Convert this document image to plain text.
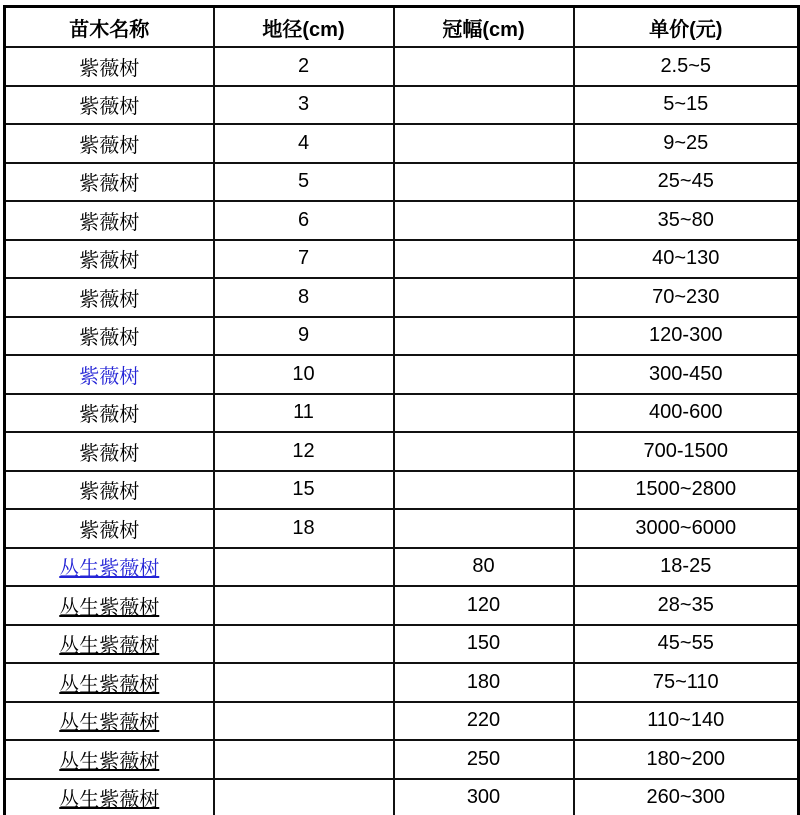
苗木名称	地径(cm)	冠幅(cm)	单价(元)
紫薇树	2		2.5~5
紫薇树	3		5~15
紫薇树	4		9~25
紫薇树	5		25~45
紫薇树	6		35~80
紫薇树	7		40~130
紫薇树	8		70~230
紫薇树	9		120-300
紫薇树	10		300-450
紫薇树	11		400-600
紫薇树	12		700-1500
紫薇树	15		1500~2800
紫薇树	18		3000~6000
丛生紫薇树		80	18-25
丛生紫薇树		120	28~35
丛生紫薇树		150	45~55
丛生紫薇树		180	75~110
丛生紫薇树		220	110~140
丛生紫薇树		250	180~200
丛生紫薇树		300	260~300
